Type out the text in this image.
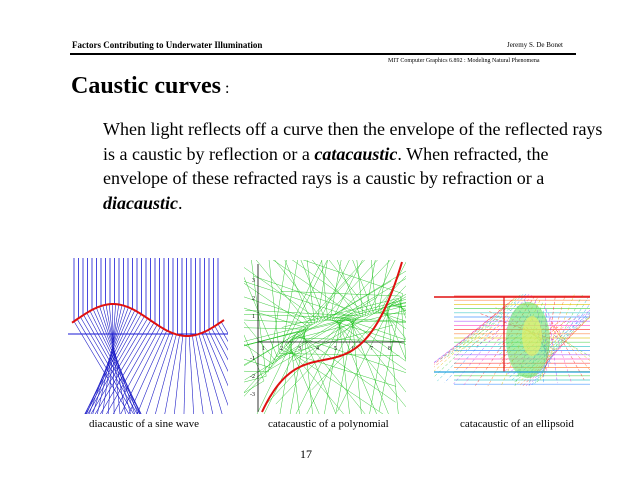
Factors Contributing to Underwater Illumination	Jeremy S. De Bonet
MIT Computer Graphics 6.892 : Modeling Natural Phenomena
Caustic curves :
When light reflects off a curve then the envelope of the reflected rays is a caustic by reflection or a catacaustic. When refracted, the envelope of these refracted rays is a caustic by refraction or a diacaustic.
diacaustic of a sine wave
3
2
1
-1
-2
-3
1	2	3	4	5	6	7	8
catacaustic of a polynomial	catacaustic of an ellipsoid
17
